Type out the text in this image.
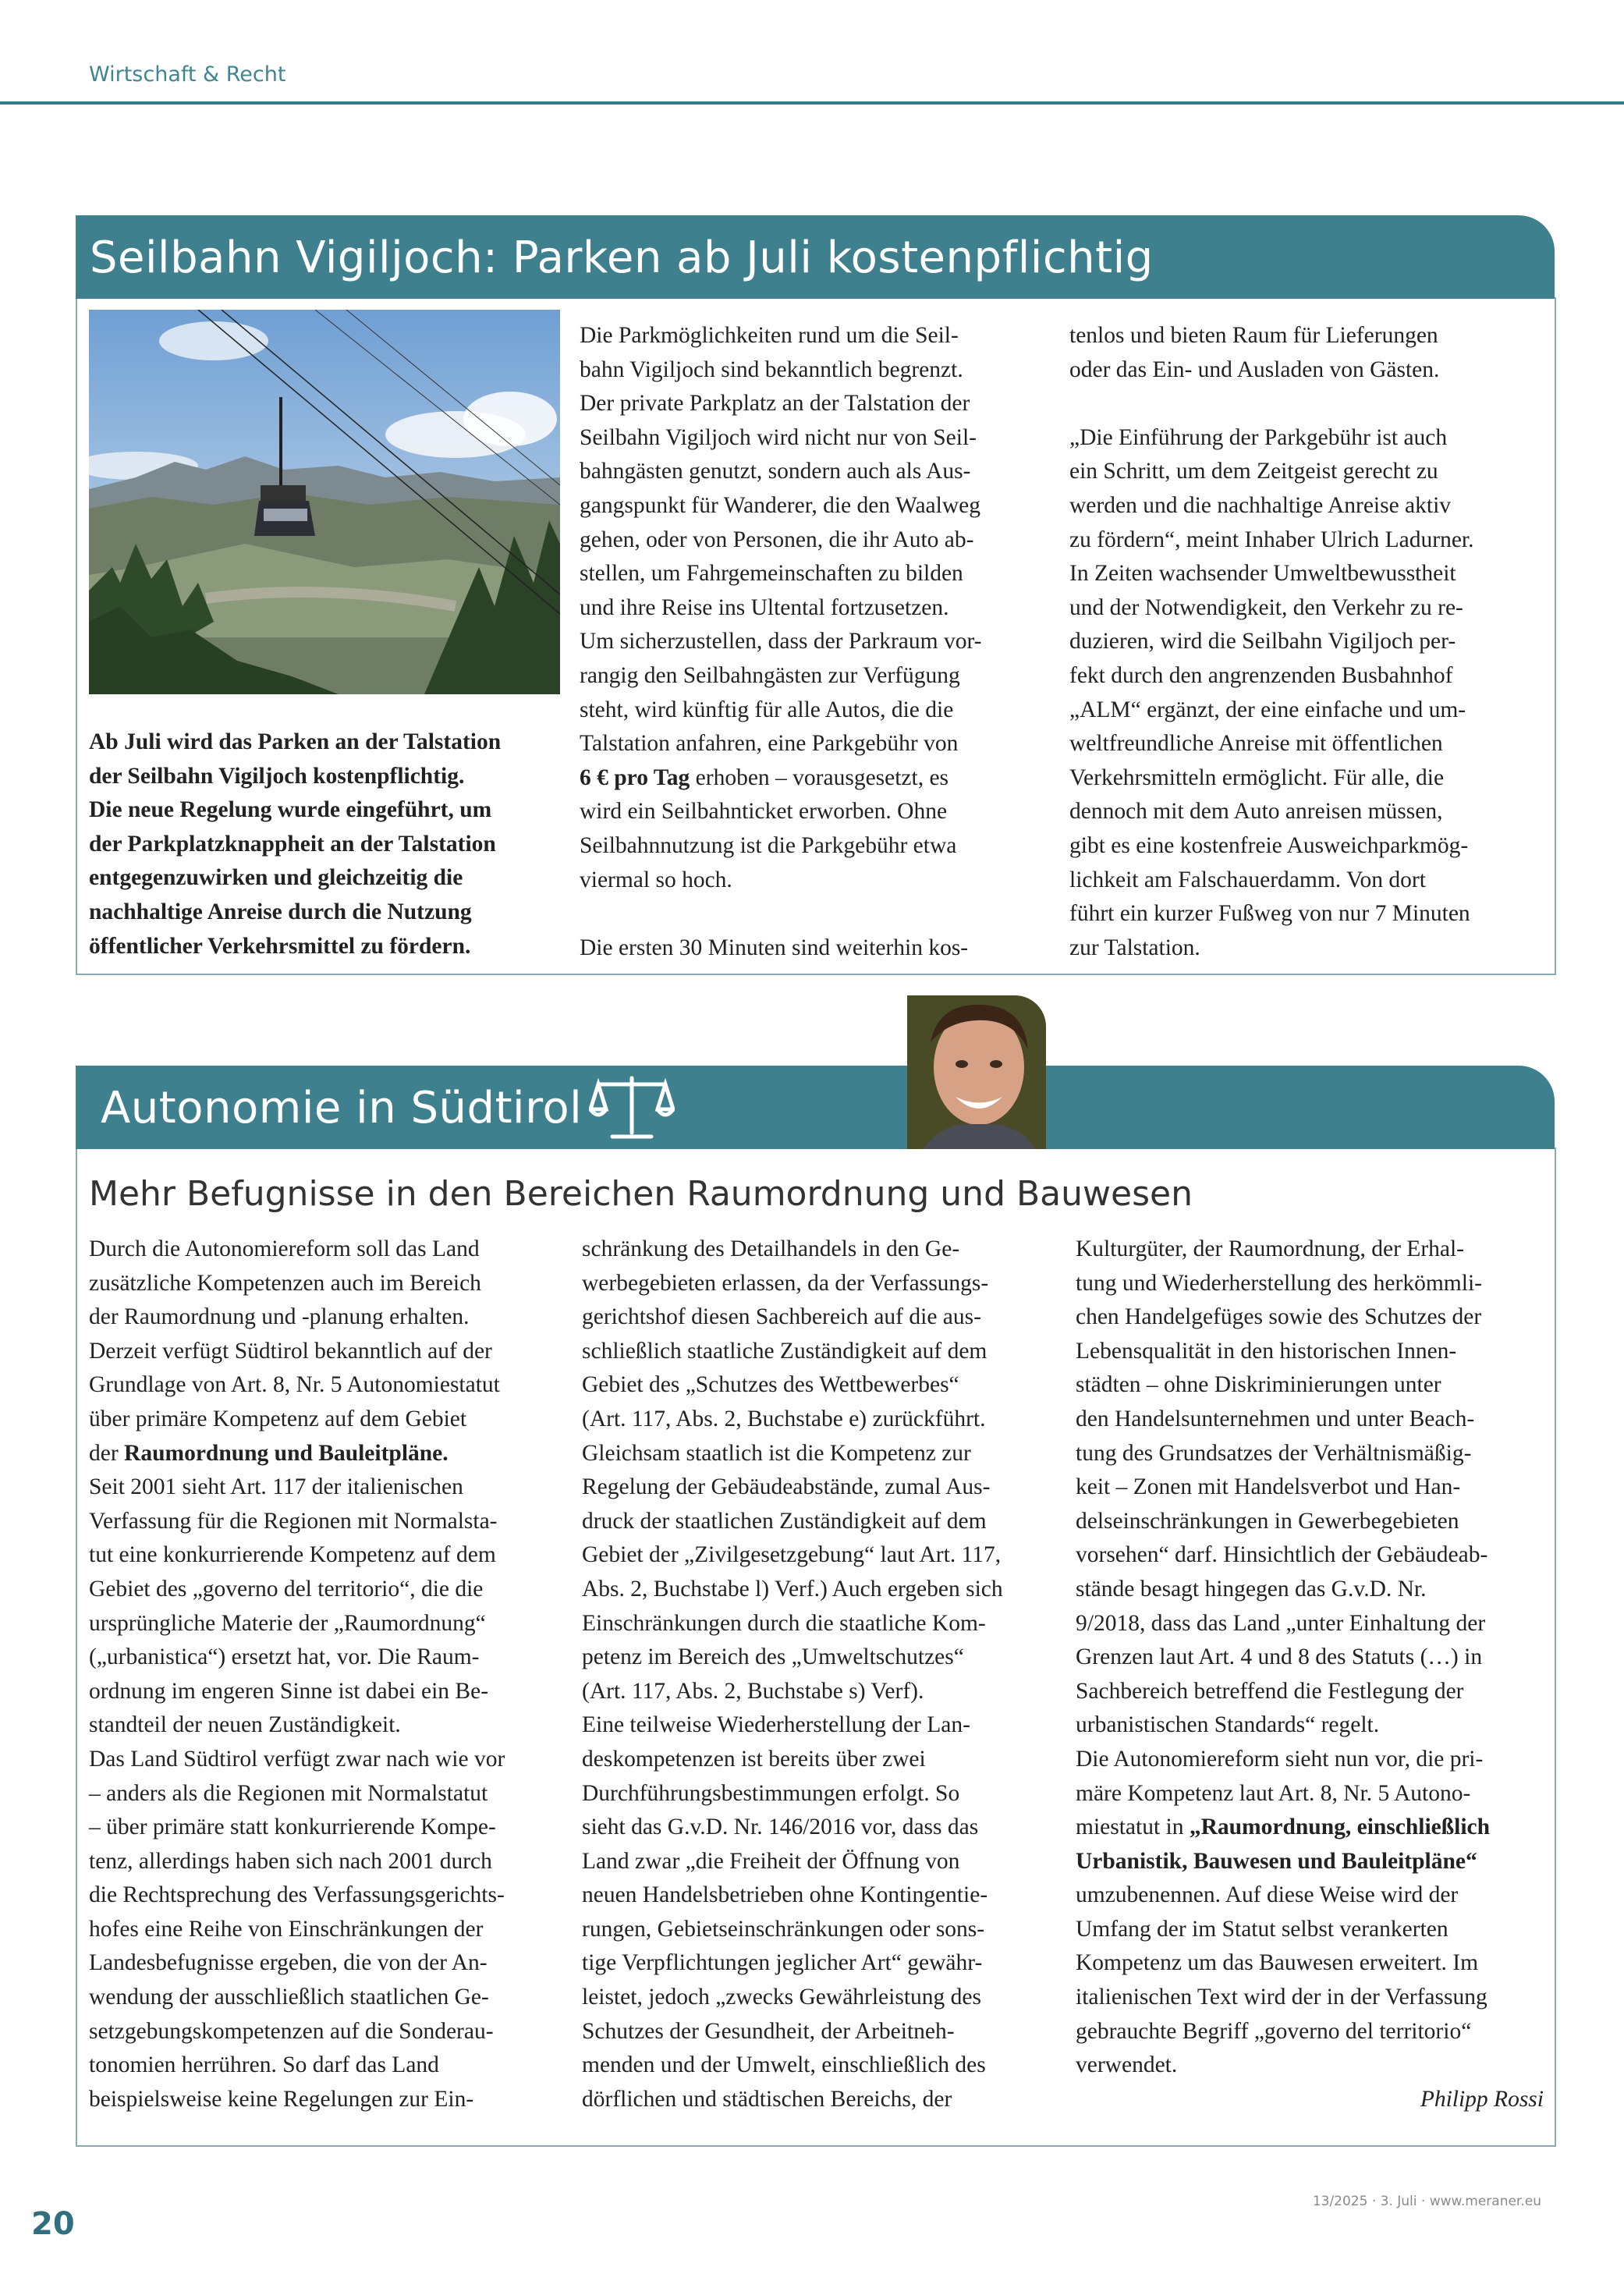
Wirtschaft & Recht
Seilbahn Vigiljoch: Parken ab Juli kostenpflichtig
Ab Juli wird das Parken an der Talstation
der Seilbahn Vigiljoch kostenpflichtig.
Die neue Regelung wurde eingeführt, um
der Parkplatzknappheit an der Talstation
entgegenzuwirken und gleichzeitig die
nachhaltige Anreise durch die Nutzung
öffentlicher Verkehrsmittel zu fördern.
Die Parkmöglichkeiten rund um die Seil-
bahn Vigiljoch sind bekanntlich begrenzt.
Der private Parkplatz an der Talstation der
Seilbahn Vigiljoch wird nicht nur von Seil-
bahngästen genutzt, sondern auch als Aus-
gangspunkt für Wanderer, die den Waalweg
gehen, oder von Personen, die ihr Auto ab-
stellen, um Fahrgemeinschaften zu bilden
und ihre Reise ins Ultental fortzusetzen.
Um sicherzustellen, dass der Parkraum vor-
rangig den Seilbahngästen zur Verfügung
steht, wird künftig für alle Autos, die die
Talstation anfahren, eine Parkgebühr von
6 € pro Tag erhoben – vorausgesetzt, es
wird ein Seilbahnticket erworben. Ohne
Seilbahnnutzung ist die Parkgebühr etwa
viermal so hoch.
Die ersten 30 Minuten sind weiterhin kos-
tenlos und bieten Raum für Lieferungen
oder das Ein- und Ausladen von Gästen.
„Die Einführung der Parkgebühr ist auch
ein Schritt, um dem Zeitgeist gerecht zu
werden und die nachhaltige Anreise aktiv
zu fördern“, meint Inhaber Ulrich Ladurner.
In Zeiten wachsender Umweltbewusstheit
und der Notwendigkeit, den Verkehr zu re-
duzieren, wird die Seilbahn Vigiljoch per-
fekt durch den angrenzenden Busbahnhof
„ALM“ ergänzt, der eine einfache und um-
weltfreundliche Anreise mit öffentlichen
Verkehrsmitteln ermöglicht. Für alle, die
dennoch mit dem Auto anreisen müssen,
gibt es eine kostenfreie Ausweichparkmög-
lichkeit am Falschauerdamm. Von dort
führt ein kurzer Fußweg von nur 7 Minuten
zur Talstation.
Autonomie in Südtirol
Mehr Befugnisse in den Bereichen Raumordnung und Bauwesen
Durch die Autonomiereform soll das Land
zusätzliche Kompetenzen auch im Bereich
der Raumordnung und -planung erhalten.
Derzeit verfügt Südtirol bekanntlich auf der
Grundlage von Art. 8, Nr. 5 Autonomiestatut
über primäre Kompetenz auf dem Gebiet
der Raumordnung und Bauleitpläne.
Seit 2001 sieht Art. 117 der italienischen
Verfassung für die Regionen mit Normalsta-
tut eine konkurrierende Kompetenz auf dem
Gebiet des „governo del territorio“, die die
ursprüngliche Materie der „Raumordnung“
(„urbanistica“) ersetzt hat, vor. Die Raum-
ordnung im engeren Sinne ist dabei ein Be-
standteil der neuen Zuständigkeit.
Das Land Südtirol verfügt zwar nach wie vor
– anders als die Regionen mit Normalstatut
– über primäre statt konkurrierende Kompe-
tenz, allerdings haben sich nach 2001 durch
die Rechtsprechung des Verfassungsgerichts-
hofes eine Reihe von Einschränkungen der
Landesbefugnisse ergeben, die von der An-
wendung der ausschließlich staatlichen Ge-
setzgebungskompetenzen auf die Sonderau-
tonomien herrühren. So darf das Land
beispielsweise keine Regelungen zur Ein-
schränkung des Detailhandels in den Ge-
werbegebieten erlassen, da der Verfassungs-
gerichtshof diesen Sachbereich auf die aus-
schließlich staatliche Zuständigkeit auf dem
Gebiet des „Schutzes des Wettbewerbes“
(Art. 117, Abs. 2, Buchstabe e) zurückführt.
Gleichsam staatlich ist die Kompetenz zur
Regelung der Gebäudeabstände, zumal Aus-
druck der staatlichen Zuständigkeit auf dem
Gebiet der „Zivilgesetzgebung“ laut Art. 117,
Abs. 2, Buchstabe l) Verf.) Auch ergeben sich
Einschränkungen durch die staatliche Kom-
petenz im Bereich des „Umweltschutzes“
(Art. 117, Abs. 2, Buchstabe s) Verf).
Eine teilweise Wiederherstellung der Lan-
deskompetenzen ist bereits über zwei
Durchführungsbestimmungen erfolgt. So
sieht das G.v.D. Nr. 146/2016 vor, dass das
Land zwar „die Freiheit der Öffnung von
neuen Handelsbetrieben ohne Kontingentie-
rungen, Gebietseinschränkungen oder sons-
tige Verpflichtungen jeglicher Art“ gewähr-
leistet, jedoch „zwecks Gewährleistung des
Schutzes der Gesundheit, der Arbeitneh-
menden und der Umwelt, einschließlich des
dörflichen und städtischen Bereichs, der
Kulturgüter, der Raumordnung, der Erhal-
tung und Wiederherstellung des herkömmli-
chen Handelgefüges sowie des Schutzes der
Lebensqualität in den historischen Innen-
städten – ohne Diskriminierungen unter
den Handelsunternehmen und unter Beach-
tung des Grundsatzes der Verhältnismäßig-
keit – Zonen mit Handelsverbot und Han-
delseinschränkungen in Gewerbegebieten
vorsehen“ darf. Hinsichtlich der Gebäudeab-
stände besagt hingegen das G.v.D. Nr.
9/2018, dass das Land „unter Einhaltung der
Grenzen laut Art. 4 und 8 des Statuts (…) in
Sachbereich betreffend die Festlegung der
urbanistischen Standards“ regelt.
Die Autonomiereform sieht nun vor, die pri-
märe Kompetenz laut Art. 8, Nr. 5 Autono-
miestatut in „Raumordnung, einschließlich
Urbanistik, Bauwesen und Bauleitpläne“
umzubenennen. Auf diese Weise wird der
Umfang der im Statut selbst verankerten
Kompetenz um das Bauwesen erweitert. Im
italienischen Text wird der in der Verfassung
gebrauchte Begriff „governo del territorio“
verwendet.
Philipp Rossi
20
13/2025 · 3. Juli · www.meraner.eu
